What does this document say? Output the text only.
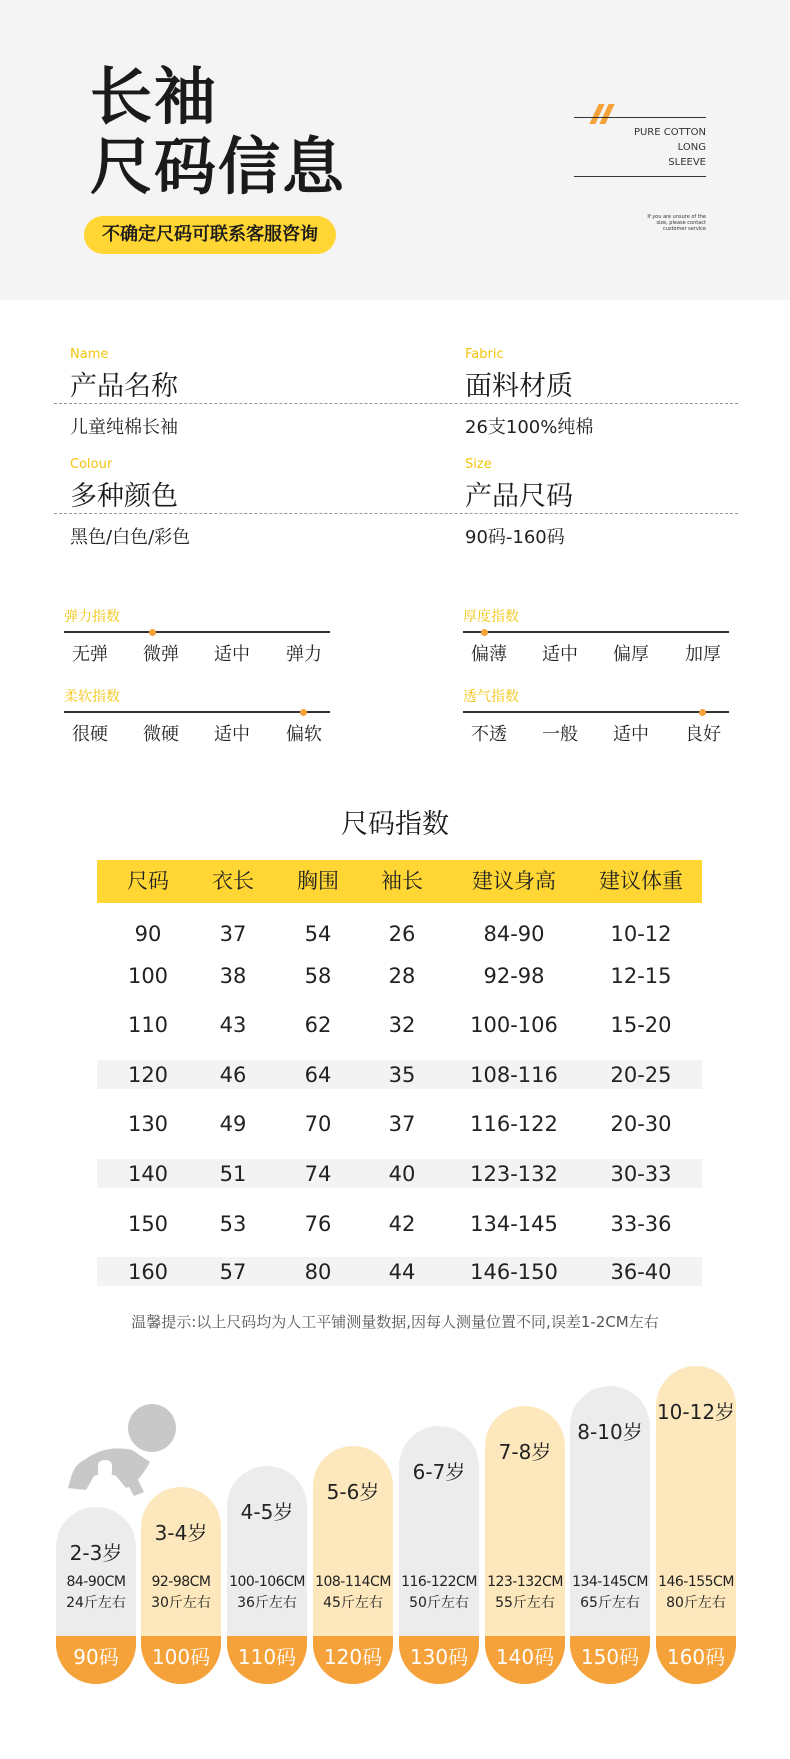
长袖
尺码信息
不确定尺码可联系客服咨询
PURE COTTON
LONG
SLEEVE
If you are unsure of the
size, please contact
customer service
Name
产品名称
Fabric
面料材质
儿童纯棉长袖	26支100%纯棉
Colour
多种颜色
Size
产品尺码
黑色/白色/彩色	90码-160码
弹力指数
无弹	微弹	适中	弹力
厚度指数
偏薄	适中	偏厚	加厚
柔软指数
很硬	微硬	适中	偏软
透气指数
不透	一般	适中	良好
尺码指数
尺码	衣长	胸围	袖长	建议身高	建议体重
90	37	54	26	84-90	10-12
100	38	58	28	92-98	12-15
110	43	62	32	100-106	15-20
120	46	64	35	108-116	20-25
130	49	70	37	116-122	20-30
140	51	74	40	123-132	30-33
150	53	76	42	134-145	33-36
160	57	80	44	146-150	36-40
温馨提示:以上尺码均为人工平铺测量数据,因每人测量位置不同,误差1-2CM左右
2-3岁
84-90CM
24斤左右
90码
3-4岁
92-98CM
30斤左右
100码
4-5岁
100-106CM
36斤左右
110码
5-6岁
108-114CM
45斤左右
120码
6-7岁
116-122CM
50斤左右
130码
7-8岁
123-132CM
55斤左右
140码
8-10岁
134-145CM
65斤左右
150码
10-12岁
146-155CM
80斤左右
160码
